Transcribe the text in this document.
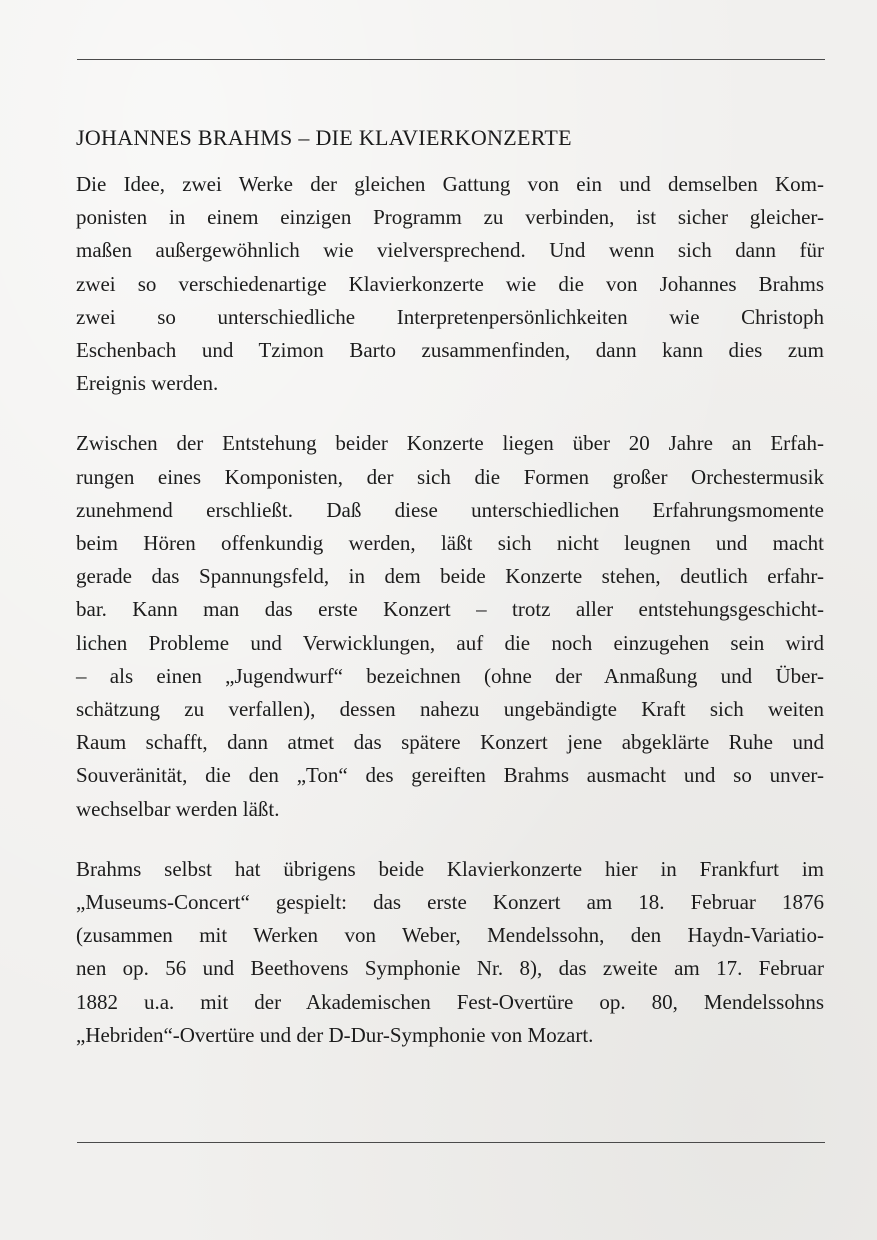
JOHANNES BRAHMS – DIE KLAVIERKONZERTE
Die Idee, zwei Werke der gleichen Gattung von ein und demselben Kom-
ponisten in einem einzigen Programm zu verbinden, ist sicher gleicher-
maßen außergewöhnlich wie vielversprechend. Und wenn sich dann für
zwei so verschiedenartige Klavierkonzerte wie die von Johannes Brahms
zwei so unterschiedliche Interpretenpersönlichkeiten wie Christoph
Eschenbach und Tzimon Barto zusammenfinden, dann kann dies zum
Ereignis werden.
Zwischen der Entstehung beider Konzerte liegen über 20 Jahre an Erfah-
rungen eines Komponisten, der sich die Formen großer Orchestermusik
zunehmend erschließt. Daß diese unterschiedlichen Erfahrungsmomente
beim Hören offenkundig werden, läßt sich nicht leugnen und macht
gerade das Spannungsfeld, in dem beide Konzerte stehen, deutlich erfahr-
bar. Kann man das erste Konzert – trotz aller entstehungsgeschicht-
lichen Probleme und Verwicklungen, auf die noch einzugehen sein wird
– als einen „Jugendwurf“ bezeichnen (ohne der Anmaßung und Über-
schätzung zu verfallen), dessen nahezu ungebändigte Kraft sich weiten
Raum schafft, dann atmet das spätere Konzert jene abgeklärte Ruhe und
Souveränität, die den „Ton“ des gereiften Brahms ausmacht und so unver-
wechselbar werden läßt.
Brahms selbst hat übrigens beide Klavierkonzerte hier in Frankfurt im
„Museums-Concert“ gespielt: das erste Konzert am 18. Februar 1876
(zusammen mit Werken von Weber, Mendelssohn, den Haydn-Variatio-
nen op. 56 und Beethovens Symphonie Nr. 8), das zweite am 17. Februar
1882 u.a. mit der Akademischen Fest-Overtüre op. 80, Mendelssohns
„Hebriden“-Overtüre und der D-Dur-Symphonie von Mozart.
